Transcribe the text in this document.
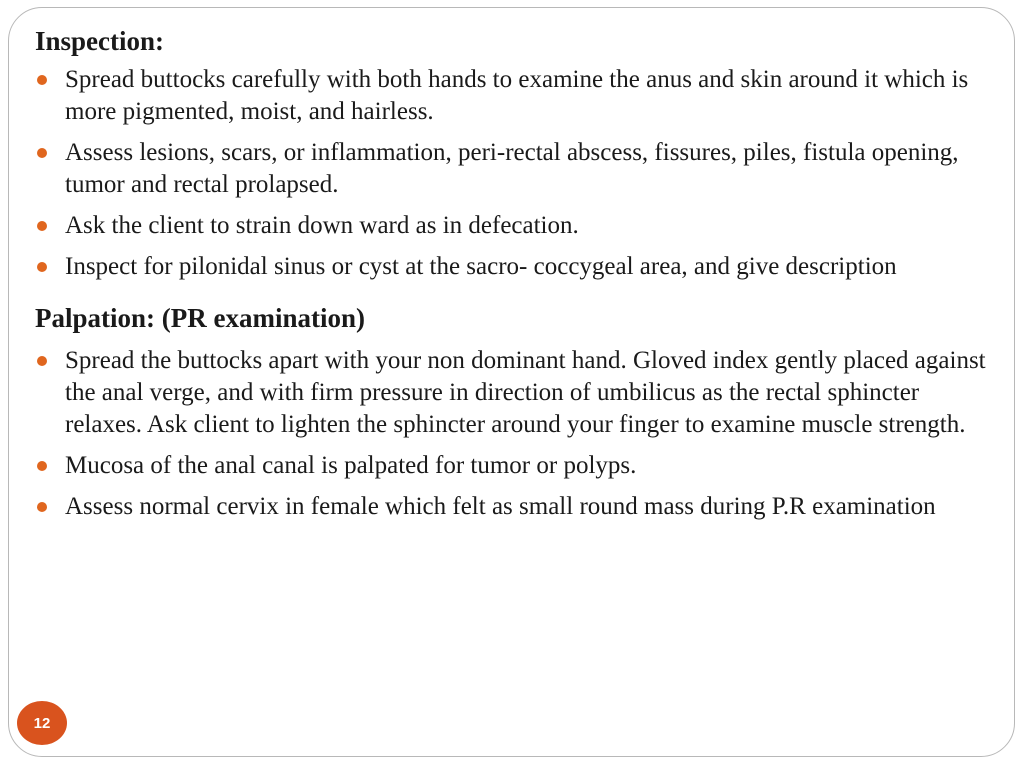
Inspection:
Spread buttocks carefully with both hands to examine the anus and skin around it which is more pigmented, moist, and hairless.
Assess lesions, scars, or inflammation, peri-rectal abscess, fissures, piles, fistula opening, tumor and rectal prolapsed.
Ask the client to strain down ward as in defecation.
Inspect for pilonidal sinus or cyst at the sacro- coccygeal area, and give description
Palpation: (PR examination)
Spread the buttocks apart with your non dominant hand. Gloved index gently placed against the anal verge, and with firm pressure in direction of umbilicus as the rectal sphincter relaxes. Ask client to lighten the sphincter around your finger to examine muscle strength.
Mucosa of the anal canal is palpated for tumor or polyps.
Assess normal cervix in female which felt as small round mass during P.R examination
12
